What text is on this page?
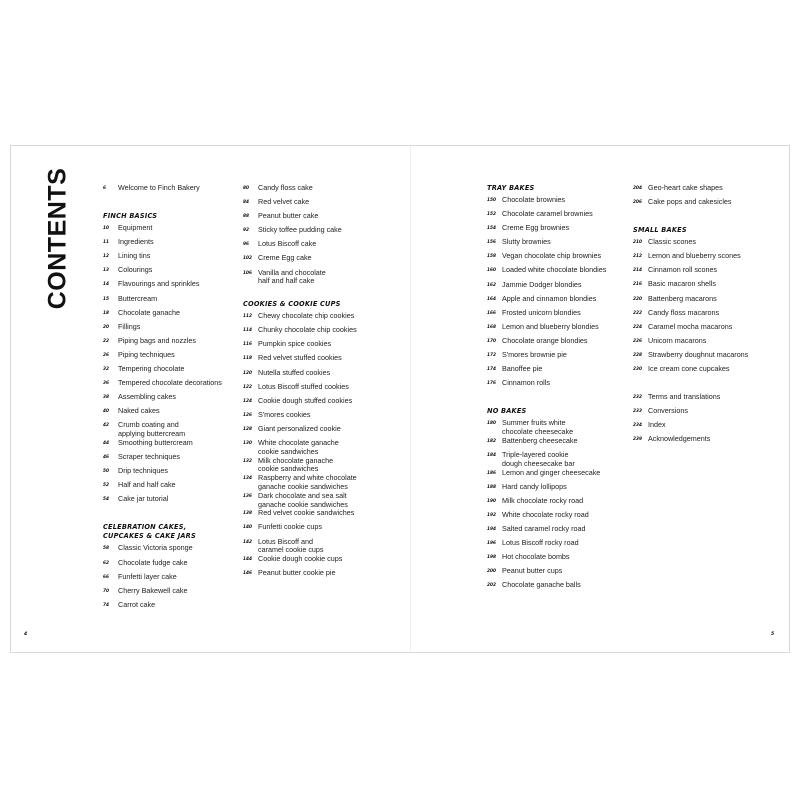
CONTENTS	6	Welcome to Finch Bakery
FINCH BASICS
10	Equipment
11	Ingredients
12	Lining tins
13	Colourings
14	Flavourings and sprinkles
15	Buttercream
18	Chocolate ganache
20	Fillings
22	Piping bags and nozzles
26	Piping techniques
32	Tempering chocolate
36	Tempered chocolate decorations
38	Assembling cakes
40	Naked cakes
42	Crumb coating and
applying buttercream
44	Smoothing buttercream
46	Scraper techniques
50	Drip techniques
52	Half and half cake
54	Cake jar tutorial
CELEBRATION CAKES,
CUPCAKES & CAKE JARS
58	Classic Victoria sponge
62	Chocolate fudge cake
66	Funfetti layer cake
70	Cherry Bakewell cake
74	Carrot cake
80	Candy floss cake
84	Red velvet cake
88	Peanut butter cake
92	Sticky toffee pudding cake
96	Lotus Biscoff cake
102 Creme Egg cake
106 Vanilla and chocolate
half and half cake
COOKIES & COOKIE CUPS
112 Chewy chocolate chip cookies
114 Chunky chocolate chip cookies
116 Pumpkin spice cookies
118 Red velvet stuffed cookies
120 Nutella stuffed cookies
122 Lotus Biscoff stuffed cookies
124 Cookie dough stuffed cookies
126 S'mores cookies
128 Giant personalized cookie
130 White chocolate ganache
cookie sandwiches
132 Milk chocolate ganache
cookie sandwiches
134 Raspberry and white chocolate
ganache cookie sandwiches
136 Dark chocolate and sea salt
ganache cookie sandwiches
138 Red velvet cookie sandwiches
140 Funfetti cookie cups
142 Lotus Biscoff and
caramel cookie cups
144 Cookie dough cookie cups
146 Peanut butter cookie pie
TRAY BAKES
150 Chocolate brownies
152 Chocolate caramel brownies
154 Creme Egg brownies
156 Slutty brownies
158 Vegan chocolate chip brownies
160 Loaded white chocolate blondies
162 Jammie Dodger blondies
164 Apple and cinnamon blondies
166 Frosted unicorn blondies
168 Lemon and blueberry blondies
170 Chocolate orange blondies
172 S'mores brownie pie
174 Banoffee pie
176 Cinnamon rolls
NO BAKES
180 Summer fruits white
chocolate cheesecake
182 Battenberg cheesecake
184 Triple-layered cookie
dough cheesecake bar
186 Lemon and ginger cheesecake
188 Hard candy lollipops
190 Milk chocolate rocky road
192 White chocolate rocky road
194 Salted caramel rocky road
196 Lotus Biscoff rocky road
198 Hot chocolate bombs
200 Peanut butter cups
202 Chocolate ganache balls
204 Geo-heart cake shapes
206 Cake pops and cakesicles
SMALL BAKES
210 Classic scones
212 Lemon and blueberry scones
214 Cinnamon roll scones
216 Basic macaron shells
220 Battenberg macarons
222 Candy floss macarons
224 Caramel mocha macarons
226 Unicorn macarons
228 Strawberry doughnut macarons
230 Ice cream cone cupcakes
232 Terms and translations
233 Conversions
234 Index
239 Acknowledgements
4	5
